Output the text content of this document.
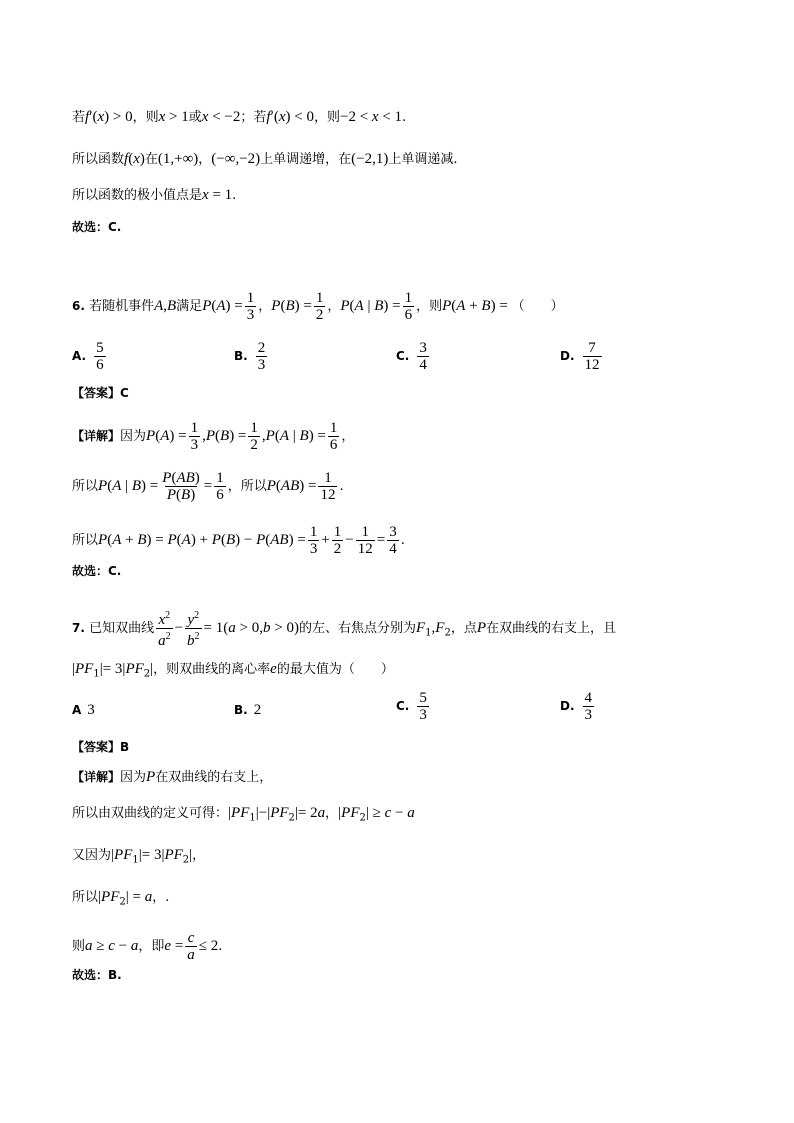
若f′(x) > 0，则x > 1或x < −2；若f′(x) < 0，则−2 < x < 1.
所以函数f(x)在(1,+∞)，(−∞,−2)上单调递增，在(−2,1)上单调递减.
所以函数的极小值点是x = 1.
故选：C.
6. 若随机事件A,B满足$P(A) = \frac{1}{3}$ ，$P(B) = \frac{1}{2}$ ，P(A | $B) = \frac{1}{6}$ ，则P(A + B) = （　　）
A. $\frac{5}{6}$	B. $\frac{2}{3}$	C. $\frac{3}{4}$	D. $\frac{7}{12}$
【答案】C
【详解】因为$P(A) = \frac{1}{3} ,P(B) = \frac{1}{2} ,P(A$ | $B) = \frac{1}{6}$ ，
所以P(A | $B) = \frac{P(AB)}{P(B)} = \frac{1}{6}$ ，所以$P(AB) = \frac{1}{12}$ .
所以$P(A + B) = P(A) + P(B) - P(AB) = \frac{1}{3} + \frac{1}{2} - \frac{1}{12} = \frac{3}{4}$ .
故选：C.
7. 已知双曲线 $\frac{x^2}{a^2} - \frac{y^2}{b^2} = 1(a > 0,b > 0)$的左、右焦点分别为$F_1,F_2$，点P在双曲线的右支上，且
$|PF_1|= 3|PF_2|$，则双曲线的离心率e的最大值为（　　）
A 3	B. 2	C. $\frac{5}{3}$	D. $\frac{4}{3}$
【答案】B
【详解】因为P在双曲线的右支上，
所以由双曲线的定义可得：$|PF_1|-|PF_2|= 2a$，$|PF_2| \ge c - a$
又因为$|PF_1|= 3|PF_2|$，
所以$|PF_2| = a$，.
则a ≥ c − a，即$e = \frac{c}{a} \le 2$.
故选：B.
